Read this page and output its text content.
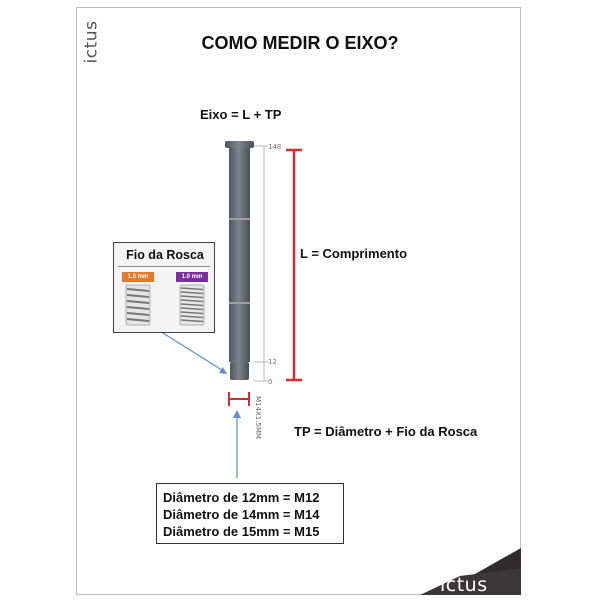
ictus	COMO MEDIR O EIXO?
Eixo = L + TP
148
12
0
M14X1.5MM
L = Comprimento
TP = Diâmetro + Fio da Rosca
Fio da Rosca
1.5 mm	1.0 mm
Diâmetro de 12mm = M12
Diâmetro de 14mm = M14
Diâmetro de 15mm = M15
ictus
